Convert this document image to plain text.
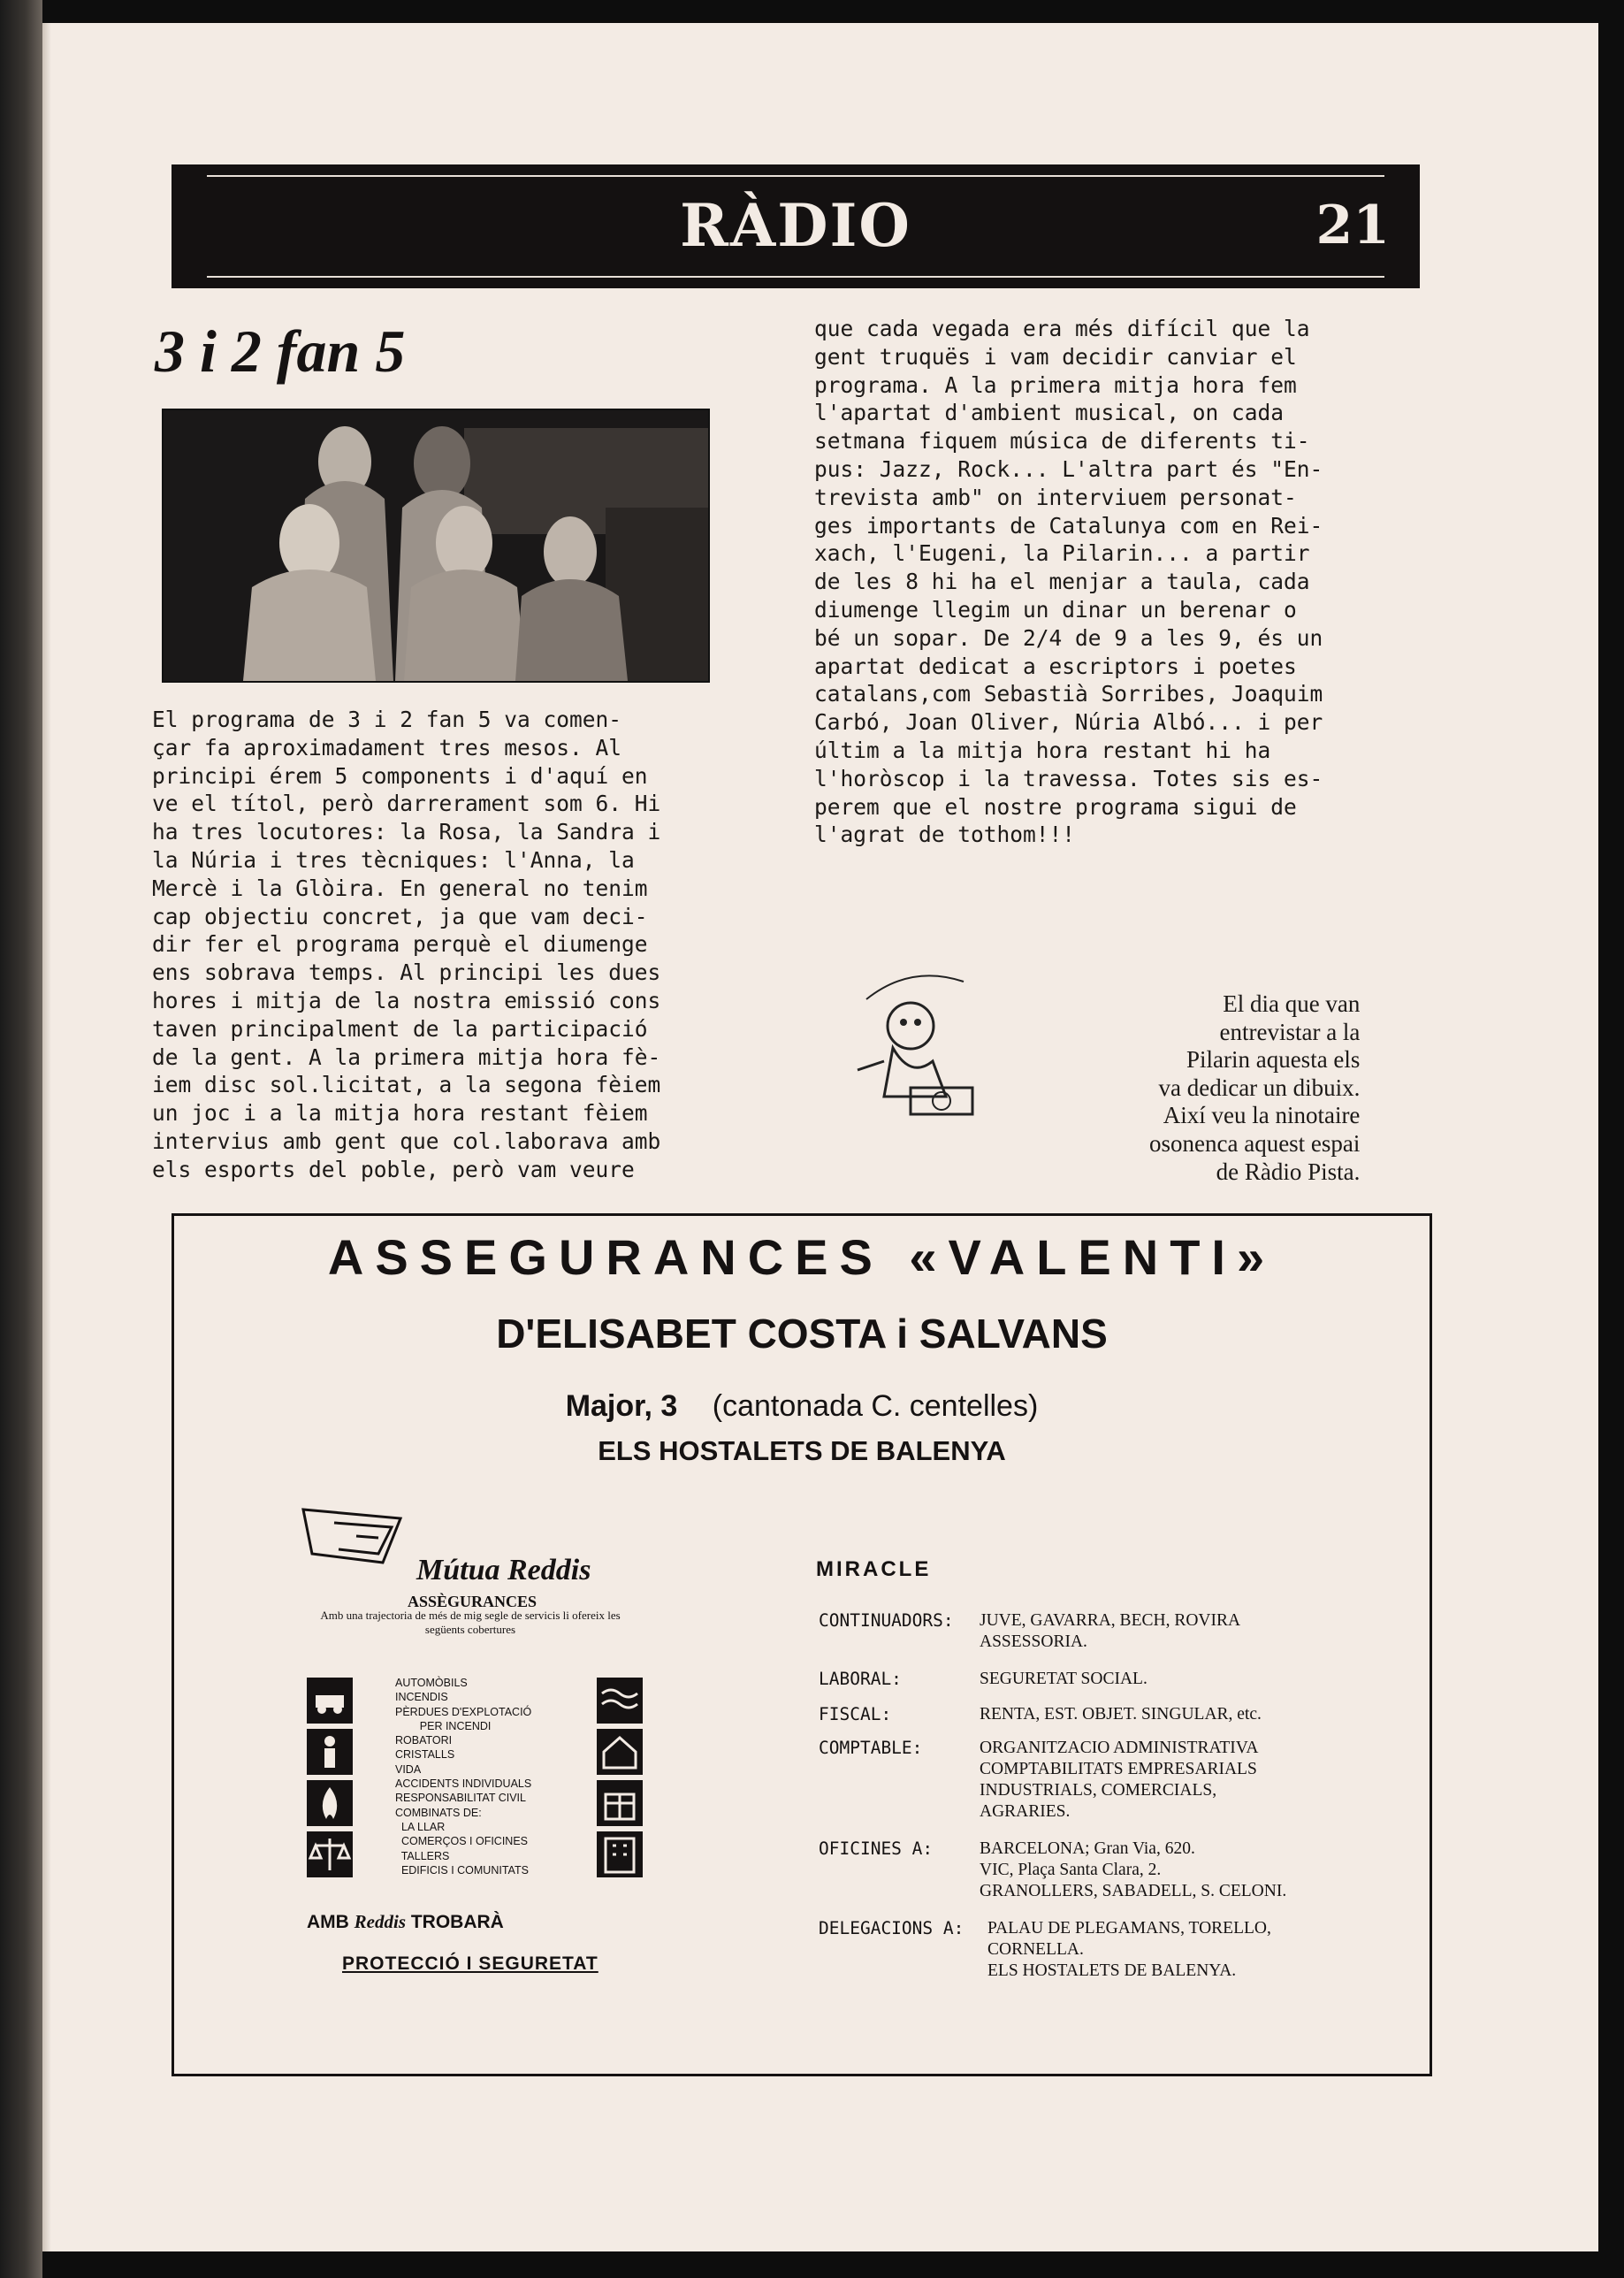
RÀDIO	21
3 i 2 fan 5
El programa de 3 i 2 fan 5 va comen-
çar fa aproximadament tres mesos. Al
principi érem 5 components i d'aquí en
ve el títol, però darrerament som 6. Hi
ha tres locutores: la Rosa, la Sandra i
la Núria i tres tècniques: l'Anna, la
Mercè i la Glòira. En general no tenim
cap objectiu concret, ja que vam deci-
dir fer el programa perquè el diumenge
ens sobrava temps. Al principi les dues
hores i mitja de la nostra emissió cons
taven principalment de la participació
de la gent. A la primera mitja hora fè-
iem disc sol.licitat, a la segona fèiem
un joc i a la mitja hora restant fèiem
intervius amb gent que col.laborava amb
els esports del poble, però vam veure
que cada vegada era més difícil que la
gent truquës i vam decidir canviar el
programa. A la primera mitja hora fem
l'apartat d'ambient musical, on cada
setmana fiquem música de diferents ti-
pus: Jazz, Rock... L'altra part és "En-
trevista amb" on interviuem personat-
ges importants de Catalunya com en Rei-
xach, l'Eugeni, la Pilarin... a partir
de les 8 hi ha el menjar a taula, cada
diumenge llegim un dinar un berenar o
bé un sopar. De 2/4 de 9 a les 9, és un
apartat dedicat a escriptors i poetes
catalans,com Sebastià Sorribes, Joaquim
Carbó, Joan Oliver, Núria Albó... i per
últim a la mitja hora restant hi ha
l'horòscop i la travessa. Totes sis es-
perem que el nostre programa sigui de
l'agrat de tothom!!!
El dia que van
entrevistar a la
Pilarin aquesta els
va dedicar un dibuix.
Així veu la ninotaire
osonenca aquest espai
de Ràdio Pista.
ASSEGURANCES «VALENTI»
D'ELISABET COSTA i SALVANS
Major, 3 (cantonada C. centelles)
ELS HOSTALETS DE BALENYA
Mútua Reddis
ASSÈGURANCES
Amb una trajectoria de més de mig segle de servicis li ofereix les següents cobertures
AUTOMÒBILS
INCENDIS
PÈRDUES D'EXPLOTACIÓ
PER INCENDI
ROBATORI
CRISTALLS
VIDA
ACCIDENTS INDIVIDUALS
RESPONSABILITAT CIVIL
COMBINATS DE:
LA LLAR
COMERÇOS I OFICINES
TALLERS
EDIFICIS I COMUNITATS
AMB Reddis TROBARÀ
PROTECCIÓ I SEGURETAT
MIRACLE
CONTINUADORS: JUVE, GAVARRA, BECH, ROVIRA
ASSESSORIA.
LABORAL:	SEGURETAT SOCIAL.
FISCAL:	RENTA, EST. OBJET. SINGULAR, etc.
COMPTABLE:	ORGANITZACIO ADMINISTRATIVA
COMPTABILITATS EMPRESARIALS
INDUSTRIALS, COMERCIALS,
AGRARIES.
OFICINES A:	BARCELONA; Gran Via, 620.
VIC, Plaça Santa Clara, 2.
GRANOLLERS, SABADELL, S. CELONI.
DELEGACIONS A: PALAU DE PLEGAMANS, TORELLO,
CORNELLA.
ELS HOSTALETS DE BALENYA.
